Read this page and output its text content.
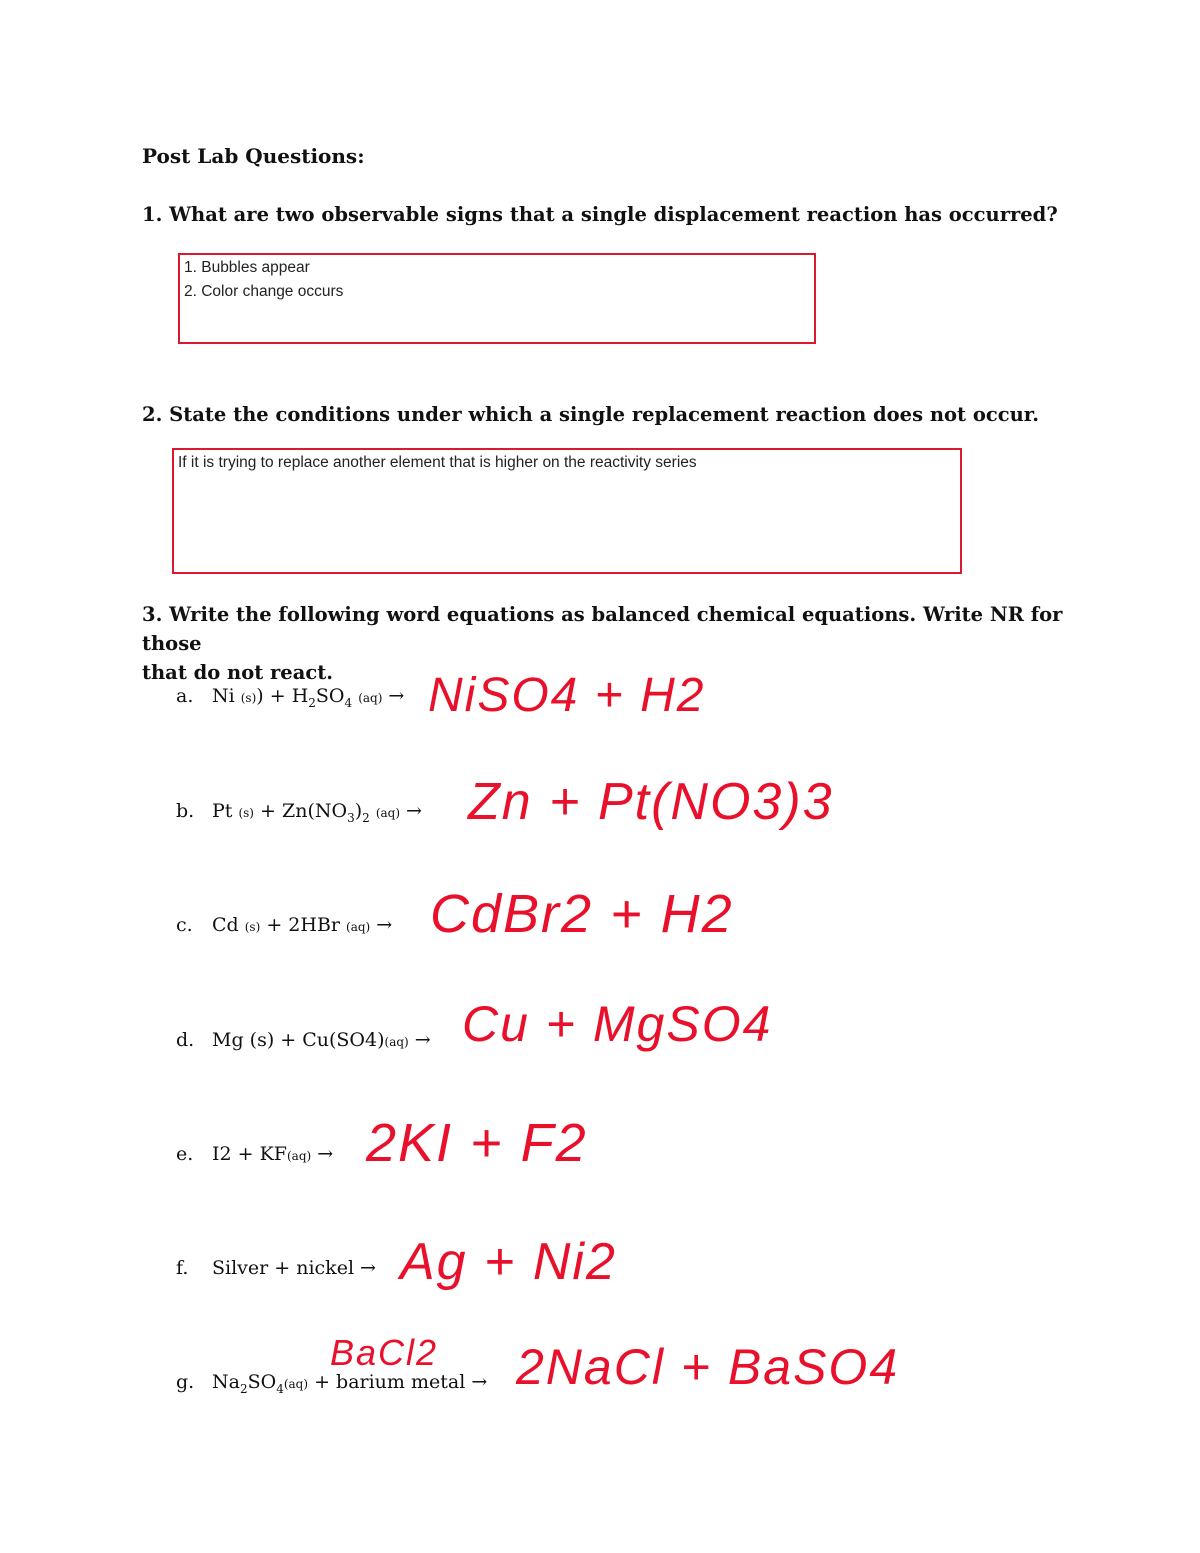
Post Lab Questions:
1. What are two observable signs that a single displacement reaction has occurred?
1. Bubbles appear
2. Color change occurs
2. State the conditions under which a single replacement reaction does not occur.
If it is trying to replace another element that is higher on the reactivity series
3. Write the following word equations as balanced chemical equations. Write NR for those
that do not react.
a. Ni $(s)) + H_2SO_4$ (aq) → NiSO4 + H2
b. Pt $(s) + Zn(NO_3)_2$ (aq) → Zn + Pt(NO3)3
c. Cd (s) + 2HBr (aq) → CdBr2 + H2
d. Mg (s) + Cu(SO4)(aq) → Cu + MgSO4
e. I2 + KF(aq) → 2KI + F2
f. Silver + nickel → Ag + Ni2
BaCl2
g. $Na_2SO_4(aq)$ + barium metal → 2NaCl + BaSO4
